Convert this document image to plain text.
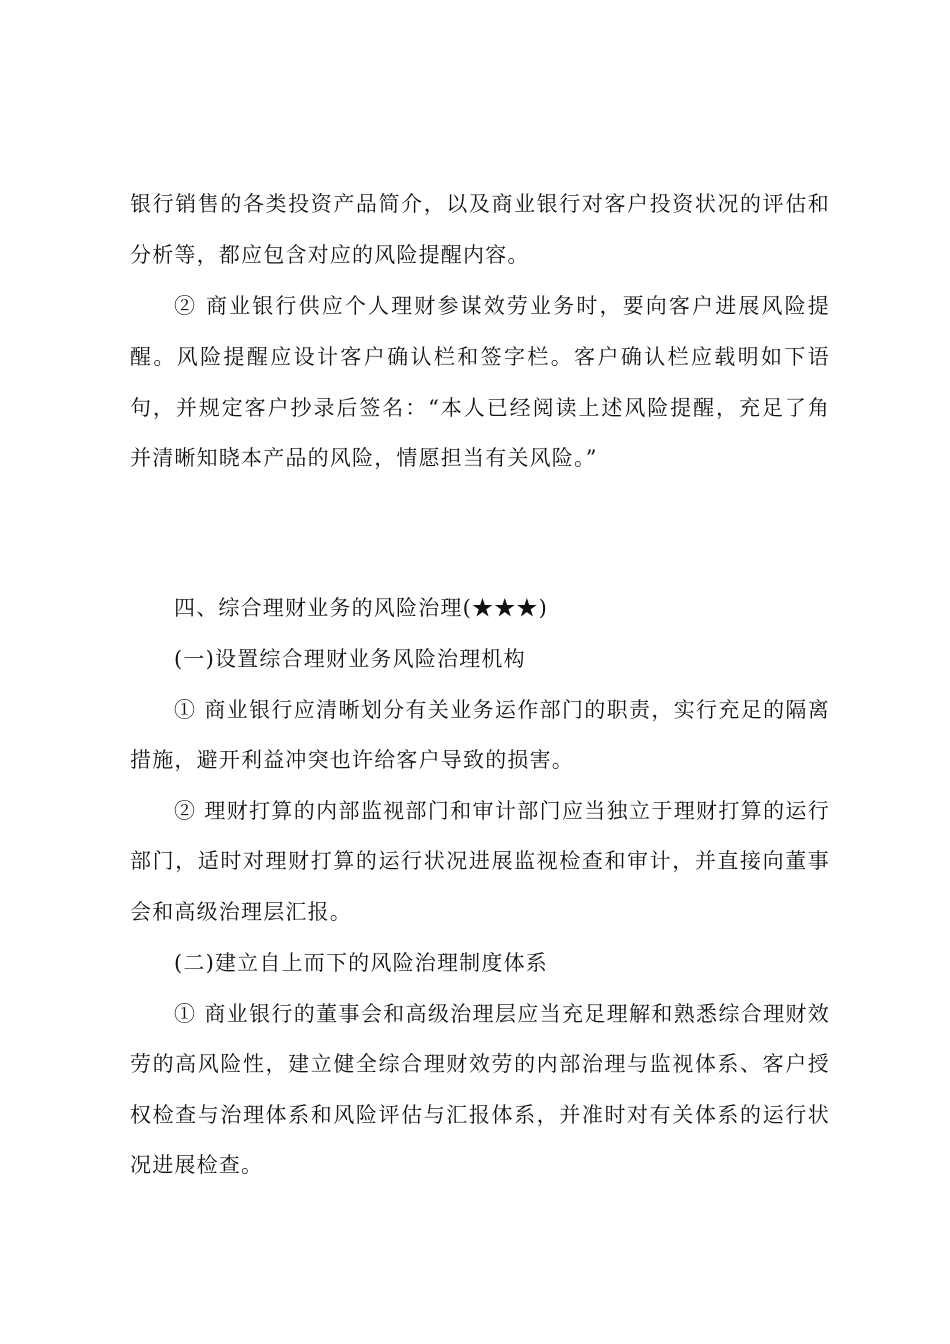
银行销售的各类投资产品简介，以及商业银行对客户投资状况的评估和
分析等，都应包含对应的风险提醒内容。
② 商业银行供应个人理财参谋效劳业务时，要向客户进展风险提
醒。风险提醒应设计客户确认栏和签字栏。客户确认栏应载明如下语
句，并规定客户抄录后签名：“本人已经阅读上述风险提醒，充足了角
并清晰知晓本产品的风险，情愿担当有关风险。”
四、综合理财业务的风险治理(★★★)
(一)设置综合理财业务风险治理机构
① 商业银行应清晰划分有关业务运作部门的职责，实行充足的隔离
措施，避开利益冲突也许给客户导致的损害。
② 理财打算的内部监视部门和审计部门应当独立于理财打算的运行
部门，适时对理财打算的运行状况进展监视检查和审计，并直接向董事
会和高级治理层汇报。
(二)建立自上而下的风险治理制度体系
① 商业银行的董事会和高级治理层应当充足理解和熟悉综合理财效
劳的高风险性，建立健全综合理财效劳的内部治理与监视体系、客户授
权检查与治理体系和风险评估与汇报体系，并准时对有关体系的运行状
况进展检查。
